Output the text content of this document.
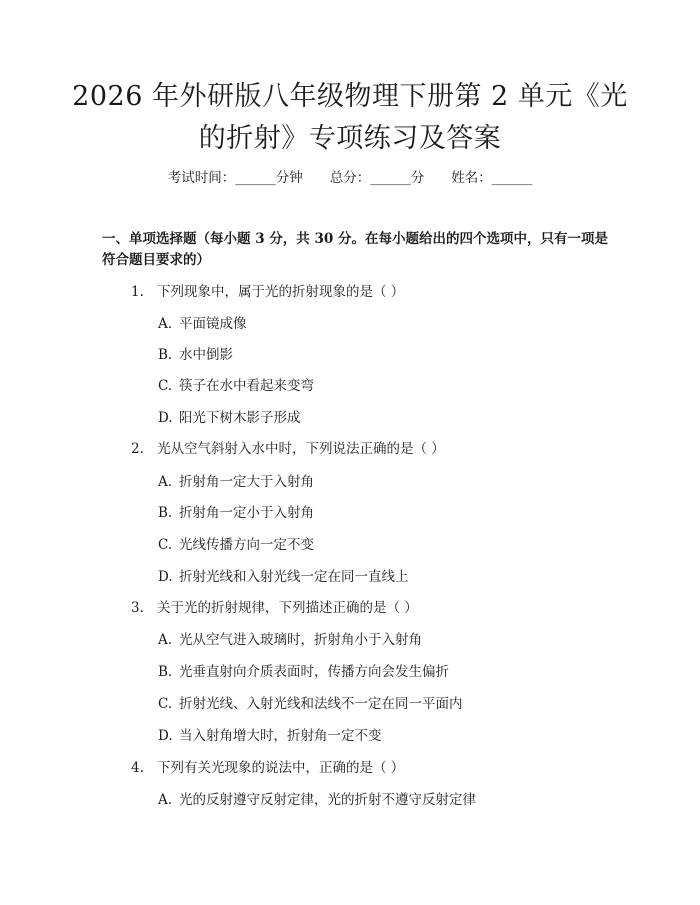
2026 年外研版八年级物理下册第 2 单元《光的折射》专项练习及答案
考试时间：______分钟　　总分：______分　　姓名：______
一、单项选择题（每小题 3 分，共 30 分。在每小题给出的四个选项中，只有一项是符合题目要求的）
1. 下列现象中，属于光的折射现象的是（ ）
A. 平面镜成像
B. 水中倒影
C. 筷子在水中看起来变弯
D. 阳光下树木影子形成
2. 光从空气斜射入水中时，下列说法正确的是（ ）
A. 折射角一定大于入射角
B. 折射角一定小于入射角
C. 光线传播方向一定不变
D. 折射光线和入射光线一定在同一直线上
3. 关于光的折射规律，下列描述正确的是（ ）
A. 光从空气进入玻璃时，折射角小于入射角
B. 光垂直射向介质表面时，传播方向会发生偏折
C. 折射光线、入射光线和法线不一定在同一平面内
D. 当入射角增大时，折射角一定不变
4. 下列有关光现象的说法中，正确的是（ ）
A. 光的反射遵守反射定律，光的折射不遵守反射定律
